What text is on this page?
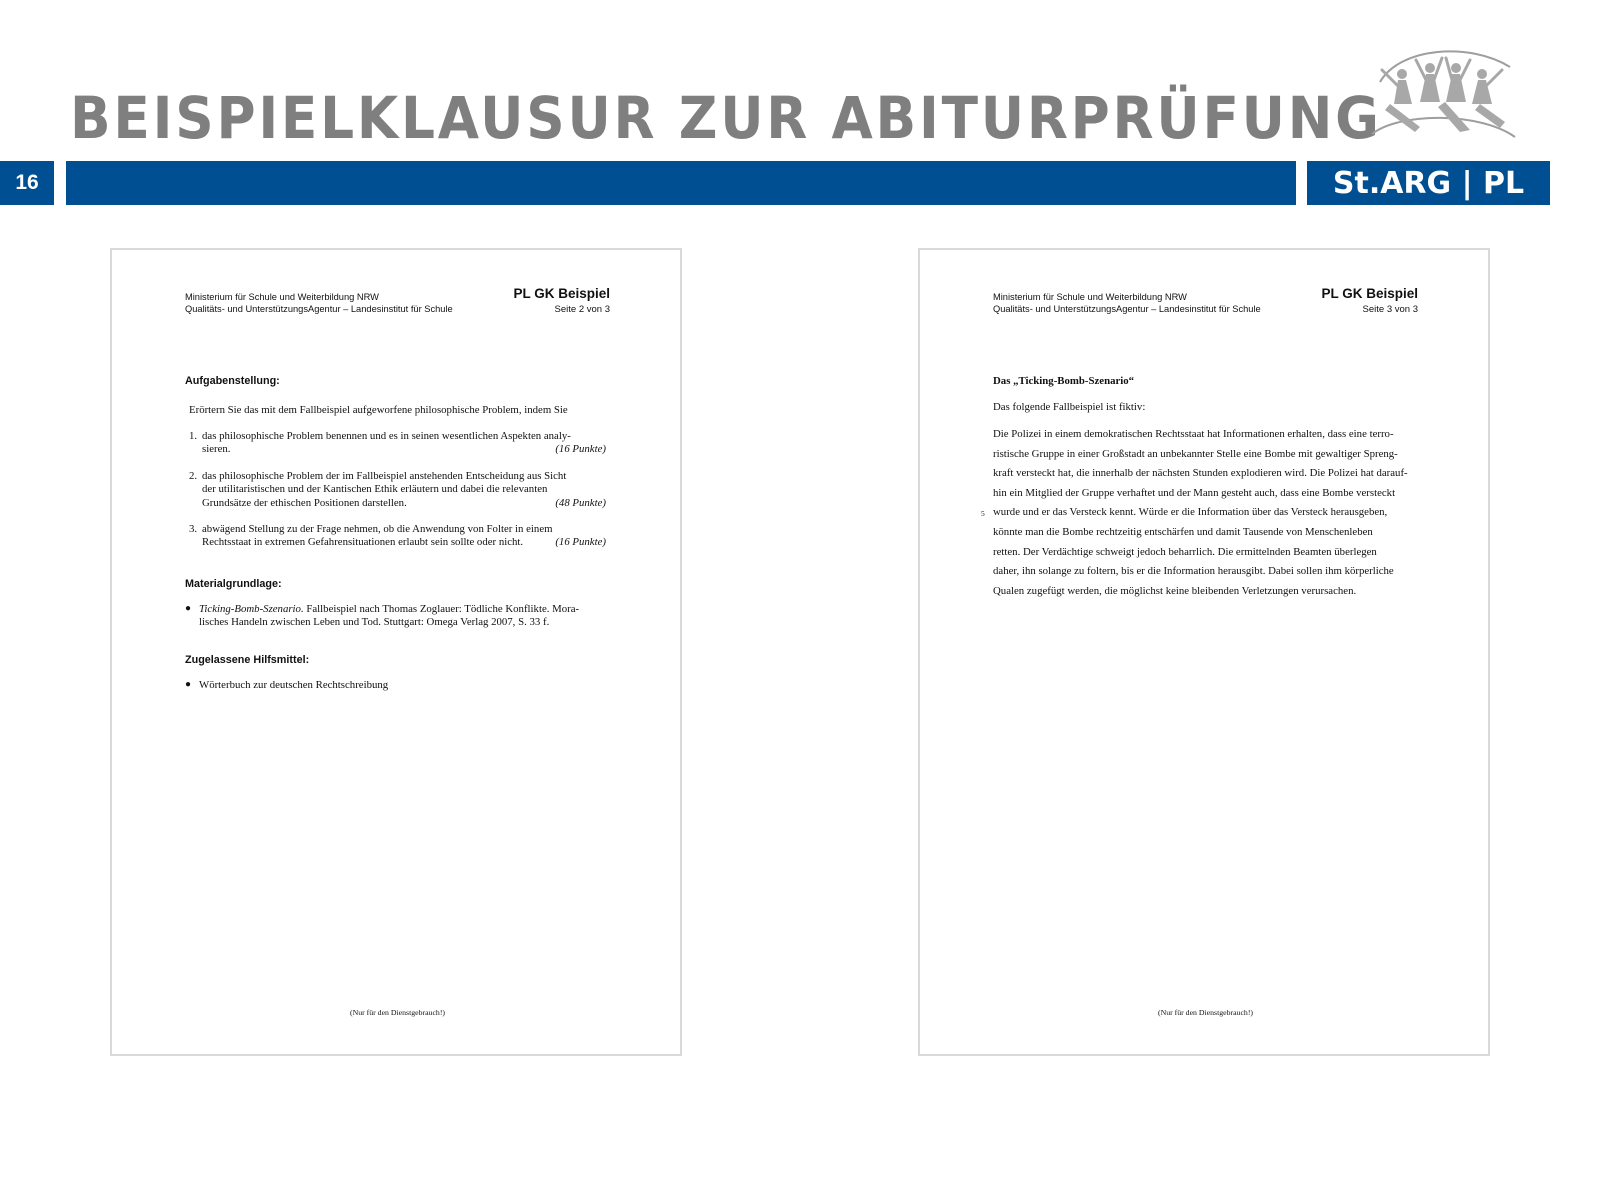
BEISPIELKLAUSUR ZUR ABITURPRÜFUNG
16	St.ARG | PL
Ministerium für Schule und Weiterbildung NRW
Qualitäts- und UnterstützungsAgentur – Landesinstitut für Schule
PL GK Beispiel
Seite 2 von 3
Aufgabenstellung:
Erörtern Sie das mit dem Fallbeispiel aufgeworfene philosophische Problem, indem Sie
1. das philosophische Problem benennen und es in seinen wesentlichen Aspekten analy-
(16 Punkte)
sieren.
2. das philosophische Problem der im Fallbeispiel anstehenden Entscheidung aus Sicht
der utilitaristischen und der Kantischen Ethik erläutern und dabei die relevanten
(48 Punkte)
Grundsätze der ethischen Positionen darstellen.
3. abwägend Stellung zu der Frage nehmen, ob die Anwendung von Folter in einem
(16 Punkte)
Rechtsstaat in extremen Gefahrensituationen erlaubt sein sollte oder nicht.
Materialgrundlage:
● Ticking-Bomb-Szenario. Fallbeispiel nach Thomas Zoglauer: Tödliche Konflikte. Mora-
lisches Handeln zwischen Leben und Tod. Stuttgart: Omega Verlag 2007, S. 33 f.
Zugelassene Hilfsmittel:
● Wörterbuch zur deutschen Rechtschreibung
(Nur für den Dienstgebrauch!)
Ministerium für Schule und Weiterbildung NRW
Qualitäts- und UnterstützungsAgentur – Landesinstitut für Schule
PL GK Beispiel
Seite 3 von 3
Das „Ticking-Bomb-Szenario“
Das folgende Fallbeispiel ist fiktiv:
Die Polizei in einem demokratischen Rechtsstaat hat Informationen erhalten, dass eine terro-
ristische Gruppe in einer Großstadt an unbekannter Stelle eine Bombe mit gewaltiger Spreng-
kraft versteckt hat, die innerhalb der nächsten Stunden explodieren wird. Die Polizei hat darauf-
hin ein Mitglied der Gruppe verhaftet und der Mann gesteht auch, dass eine Bombe versteckt
5 wurde und er das Versteck kennt. Würde er die Information über das Versteck herausgeben,
könnte man die Bombe rechtzeitig entschärfen und damit Tausende von Menschenleben
retten. Der Verdächtige schweigt jedoch beharrlich. Die ermittelnden Beamten überlegen
daher, ihn solange zu foltern, bis er die Information herausgibt. Dabei sollen ihm körperliche
Qualen zugefügt werden, die möglichst keine bleibenden Verletzungen verursachen.
(Nur für den Dienstgebrauch!)
